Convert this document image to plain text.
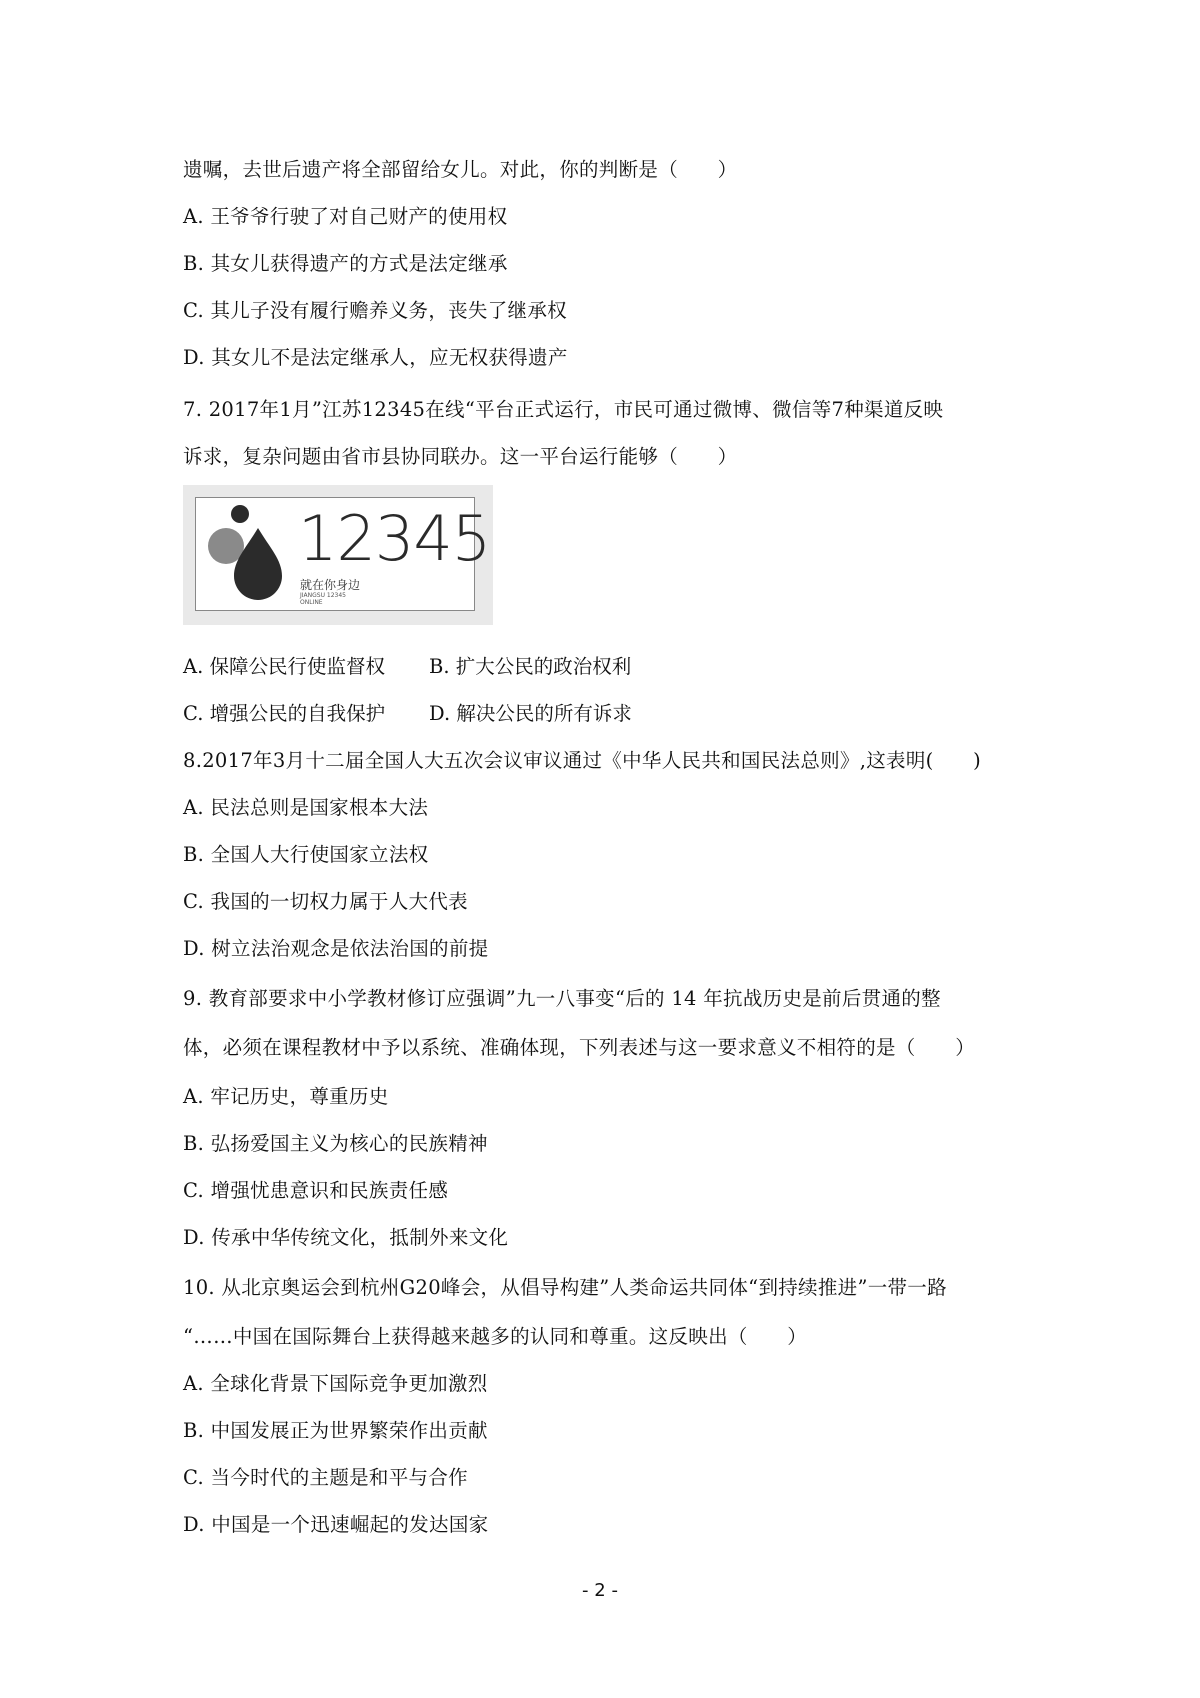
遗嘱，去世后遗产将全部留给女儿。对此，你的判断是（　　）
A. 王爷爷行驶了对自己财产的使用权
B. 其女儿获得遗产的方式是法定继承
C. 其儿子没有履行赡养义务，丧失了继承权
D. 其女儿不是法定继承人，应无权获得遗产
7. 2017年1月”江苏12345在线“平台正式运行，市民可通过微博、微信等7种渠道反映
诉求，复杂问题由省市县协同联办。这一平台运行能够（　　）
12345
就在你身边
JIANGSU 12345 ONLINE
A. 保障公民行使监督权 B. 扩大公民的政治权利
C. 增强公民的自我保护 D. 解决公民的所有诉求
8.2017年3月十二届全国人大五次会议审议通过《中华人民共和国民法总则》,这表明(　　)
A. 民法总则是国家根本大法
B. 全国人大行使国家立法权
C. 我国的一切权力属于人大代表
D. 树立法治观念是依法治国的前提
9. 教育部要求中小学教材修订应强调”九一八事变“后的 14 年抗战历史是前后贯通的整
体，必须在课程教材中予以系统、准确体现，下列表述与这一要求意义不相符的是（　　）
A. 牢记历史，尊重历史
B. 弘扬爱国主义为核心的民族精神
C. 增强忧患意识和民族责任感
D. 传承中华传统文化，抵制外来文化
10. 从北京奥运会到杭州G20峰会，从倡导构建”人类命运共同体“到持续推进”一带一路
“……中国在国际舞台上获得越来越多的认同和尊重。这反映出（　　）
A. 全球化背景下国际竞争更加激烈
B. 中国发展正为世界繁荣作出贡献
C. 当今时代的主题是和平与合作
D. 中国是一个迅速崛起的发达国家
- 2 -
